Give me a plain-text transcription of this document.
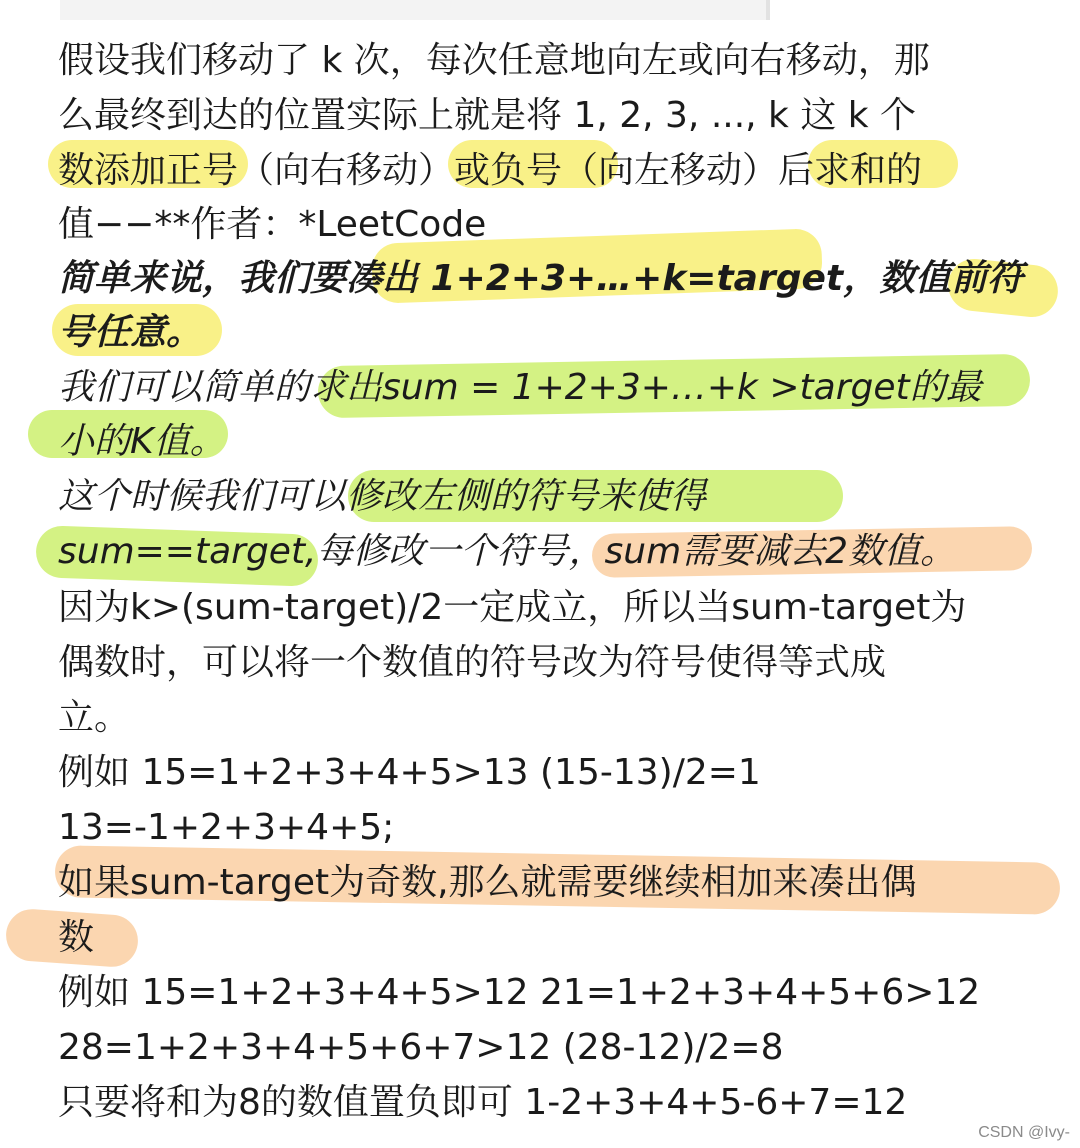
假设我们移动了 k 次，每次任意地向左或向右移动，那
么最终到达的位置实际上就是将 1, 2, 3, ..., k 这 k 个
数添加正号（向右移动）或负号（向左移动）后求和的
值−−**作者：*LeetCode
简单来说，我们要凑出 1+2+3+…+k=target，数值前符
号任意。
我们可以简单的求出sum = 1+2+3+…+k >target的最
小的K值。
这个时候我们可以修改左侧的符号来使得
sum==target,每修改一个符号，sum需要减去2数值。
因为k>(sum-target)/2一定成立，所以当sum-target为
偶数时，可以将一个数值的符号改为符号使得等式成
立。
例如 15=1+2+3+4+5>13 (15-13)/2=1
13=-1+2+3+4+5;
如果sum-target为奇数,那么就需要继续相加来凑出偶
数
例如 15=1+2+3+4+5>12 21=1+2+3+4+5+6>12
28=1+2+3+4+5+6+7>12 (28-12)/2=8
只要将和为8的数值置负即可 1-2+3+4+5-6+7=12
CSDN @Ivy-
